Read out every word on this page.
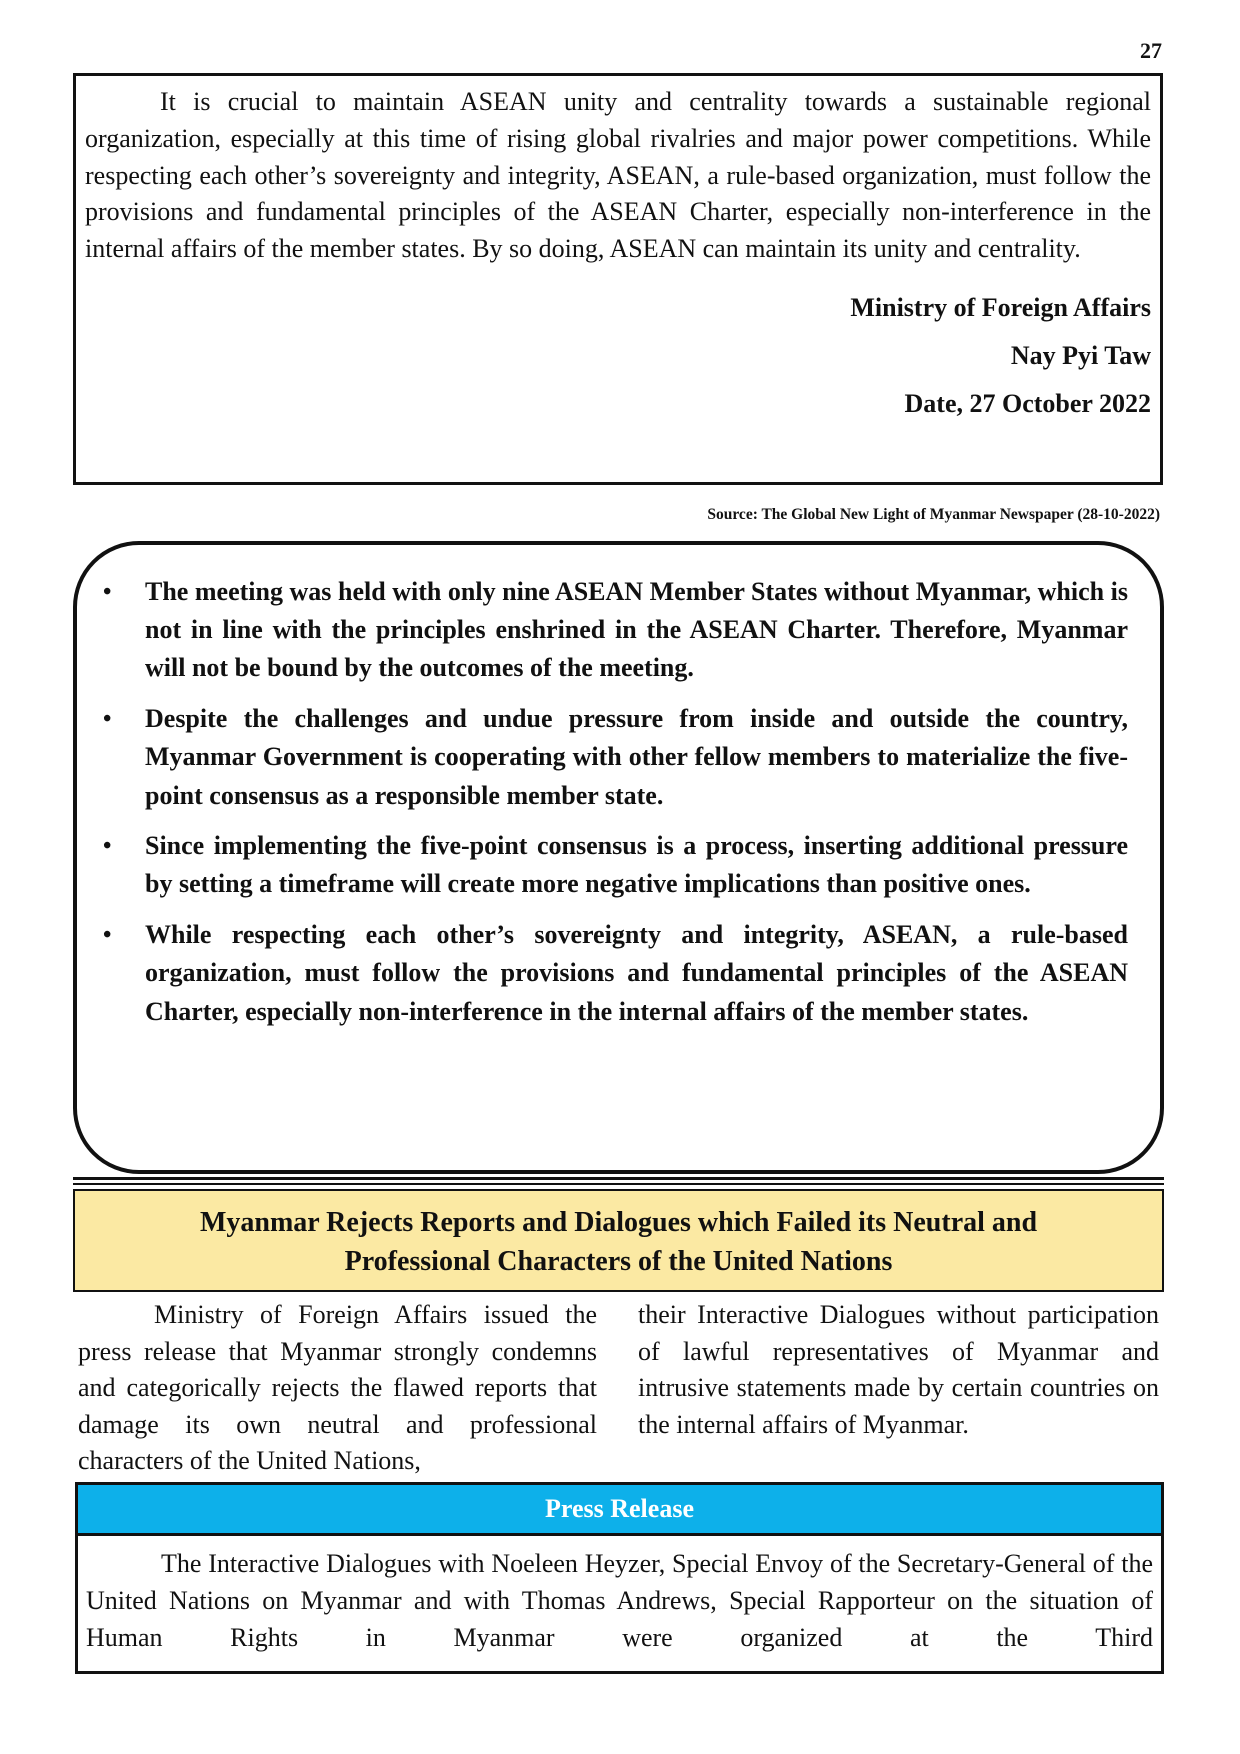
27

It is crucial to maintain ASEAN unity and centrality towards a sustainable regional organization, especially at this time of rising global rivalries and major power competitions. While respecting each other’s sovereignty and integrity, ASEAN, a rule-based organization, must follow the provisions and fundamental principles of the ASEAN Charter, especially non-interference in the internal affairs of the member states. By so doing, ASEAN can maintain its unity and centrality.

Ministry of Foreign Affairs
Nay Pyi Taw
Date, 27 October 2022
Source: The Global New Light of Myanmar Newspaper (28-10-2022)
• The meeting was held with only nine ASEAN Member States without Myanmar, which is not in line with the principles enshrined in the ASEAN Charter. Therefore, Myanmar will not be bound by the outcomes of the meeting.
• Despite the challenges and undue pressure from inside and outside the country, Myanmar Government is cooperating with other fellow members to materialize the five-point consensus as a responsible member state.
• Since implementing the five-point consensus is a process, inserting additional pressure by setting a timeframe will create more negative implications than positive ones.
• While respecting each other’s sovereignty and integrity, ASEAN, a rule-based organization, must follow the provisions and fundamental principles of the ASEAN Charter, especially non-interference in the internal affairs of the member states.
Myanmar Rejects Reports and Dialogues which Failed its Neutral and
Professional Characters of the United Nations

Ministry of Foreign Affairs issued the press release that Myanmar strongly condemns and categorically rejects the flawed reports that damage its own neutral and professional characters of the United Nations,

their Interactive Dialogues without participation of lawful representatives of Myanmar and intrusive statements made by certain countries on the internal affairs of Myanmar.

Press Release

The Interactive Dialogues with Noeleen Heyzer, Special Envoy of the Secretary-General of the United Nations on Myanmar and with Thomas Andrews, Special Rapporteur on the situation of Human Rights in Myanmar were organized at the Third
